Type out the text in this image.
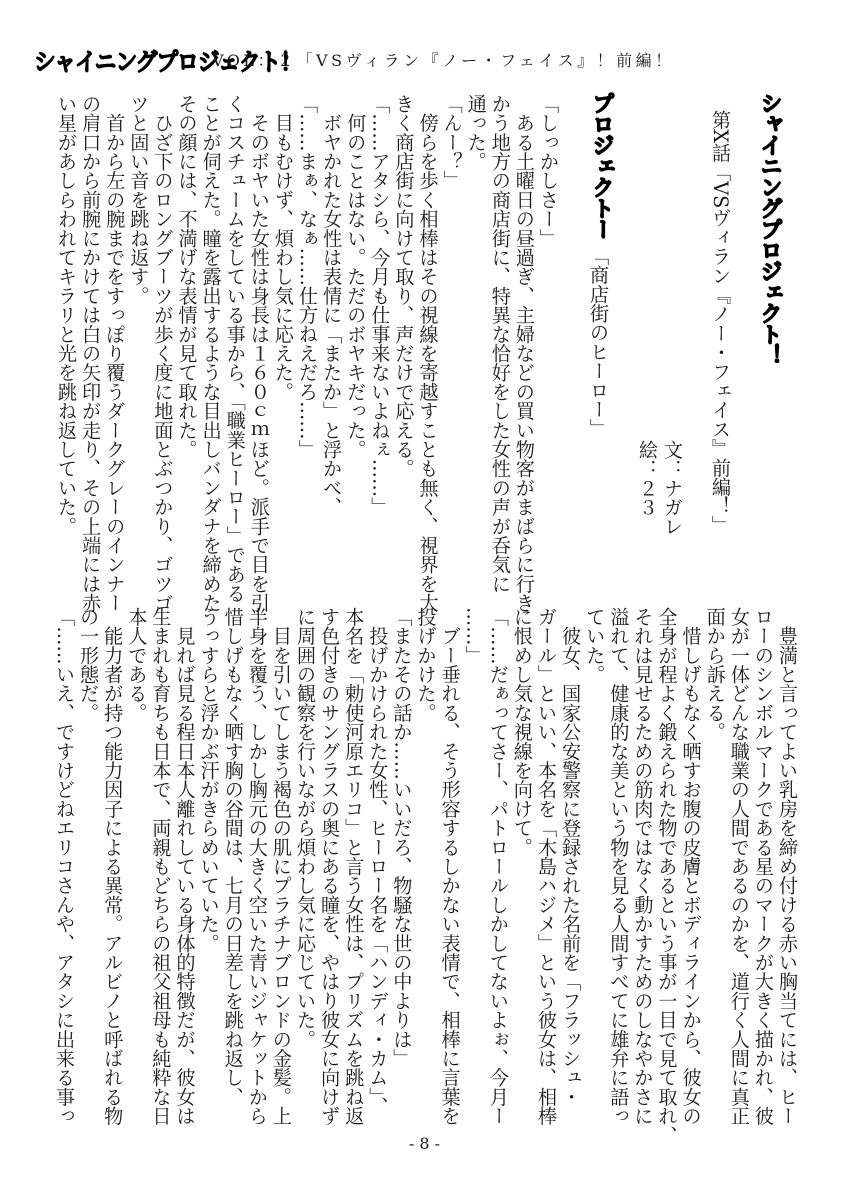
シャイニングプロジェクト！
VOL：２「VSヴィラン『ノー・フェイス』！前編！
シャイニングプロジェクト！
第X話「VSヴィラン『ノー・フェイス』前編！」
文：ナガレ
絵：２３
プロジェクトー
「商店街のヒーロー」
「しっかしさー」
　ある土曜日の昼過ぎ、主婦などの買い物客がまばらに行き
かう地方の商店街に、特異な恰好をした女性の声が呑気に
通った。
「んー？」
　傍らを歩く相棒はその視線を寄越すことも無く、視界を大
きく商店街に向けて取り、声だけで応える。
「……アタシら、今月も仕事来ないよねぇ……」
　何のことはない。ただのボヤキだった。
　ボヤかれた女性は表情に「またか」と浮かべ、
「……まぁ、なぁ……仕方ねえだろ……」
　目もむけず、煩わし気に応えた。
　そのボヤいた女性は身長は１６０ｃｍほど。派手で目を引
くコスチュームをしている事から、「職業ヒーロー」である
ことが伺えた。瞳を露出するような目出しバンダナを締めた
その顔には、不満げな表情が見て取れた。
　ひざ下のロングブーツが歩く度に地面とぶつかり、ゴツゴ
ツと固い音を跳ね返す。
　首から左の腕までをすっぽり覆うダークグレーのインナー
の肩口から前腕にかけては白の矢印が走り、その上端には赤
い星があしらわれてキラリと光を跳ね返していた。
　豊満と言ってよい乳房を締め付ける赤い胸当てには、ヒー
ローのシンボルマークである星のマークが大きく描かれ、彼
女が一体どんな職業の人間であるのかを、道行く人間に真正
面から訴える。
　惜しげもなく晒すお腹の皮膚とボディラインから、彼女の
全身が程よく鍛えられた物であるという事が一目で見て取れ、
それは見せるための筋肉ではなく動かすためのしなやかさに
溢れて、健康的な美という物を見る人間すべてに雄弁に語っ
ていた。
　彼女、国家公安警察に登録された名前を「フラッシュ・
ガール」といい、本名を「木島ハジメ」という彼女は、相棒
に恨めし気な視線を向けて。
「……だぁってさー、パトロールしかしてないよぉ、今月ー
……」
　ブー垂れる、そう形容するしかない表情で、相棒に言葉を
投げかけた。
「またその話か……いいだろ、物騒な世の中よりは」
　投げかけられた女性、ヒーロー名を「ハンディ・カム」、
本名を「勅使河原エリコ」と言う女性は、プリズムを跳ね返
す色付きのサングラスの奥にある瞳を、やはり彼女に向けず
に周囲の観察を行いながら煩わし気に応じていた。
　目を引いてしまう褐色の肌にプラチナブロンドの金髪。上
半身を覆う、しかし胸元の大きく空いた青いジャケットから
惜しげもなく晒す胸の谷間は、七月の日差しを跳ね返し、
うっすらと浮かぶ汗がきらめいていた。
　見れば見る程日本人離れしている身体的特徴だが、彼女は
生まれも育ちも日本で、両親もどちらの祖父祖母も純粋な日
本人である。
　能力者が持つ能力因子による異常。アルビノと呼ばれる物
の一形態だ。
「……いえ、ですけどねエリコさんや、アタシに出来る事っ
- 8 -
